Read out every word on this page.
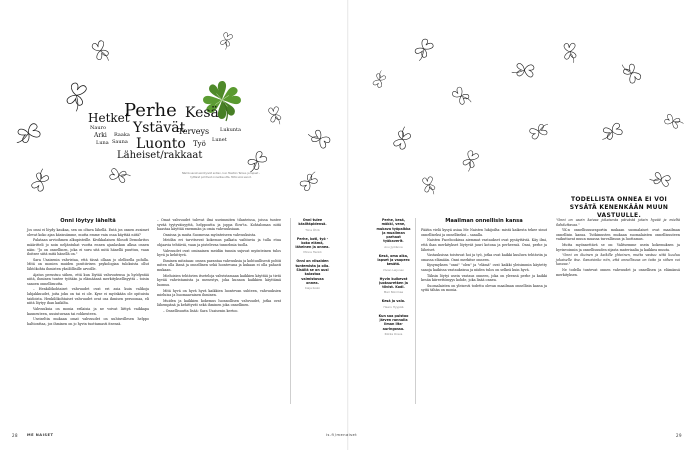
Perhe Kesä
Hetket
Ystävät
Terveys
Nauro	Lukunta
Arki Raaka
Luonto
Luna Sauna	Työ Lunet
Läheiset/rakkaat
Nämä sanat esiintyivät eniten, kun Meidän Talous ja lapset -tyttäret pohtivat onnellisuutta. Mitä sinä sanot.
TODELLISTA ONNEA EI VOI SYSÄTÄ KENENKÄÄN MUUN VASTUULLE.
Onni löytyy läheltä

Jos onni ei löydy kaukaa, sen on oltava lähellä. Entä jos onnen avaimet olevat koko ajan käsissämme, mutta emme vain osaa käyttää niitä?

Palataan arvioihmen alkupisteille. Kivikkalaisen filosofi Demokritos määritteli jo noin neljäntuhat vuotta ennen ajanlaskun alkua onnen näin: "Jo on onnellinen, joka ei suru sitä mitä hänellä puuttuu, vaan iloitsee siitä mitä hänellä on."

Sara Usaisenin vahvistaa, että tässä ollaan jo olellisella polulla. Mitä on monien muiden positiivisen psykologian tuloksista ollut lähtökohta ihmisten yksilöllisille arvoille.

Ajatus perustuu siihen, että kun löytää vahvuutensa ja hyödyntää niitä, ihminen tuntee työtään ja elämäänsä merkityksellisyyttä – toisin sanoen onnellisuutta.

– Henkilökohtaiset vahvuudet ovat eri asia kuin valikoja lahjakkuudet, joita joku on tai ei ole. Kyse ei myöskään ole opituista taidoista. Henkilökohtaiset vahvuudet ovat osa ihmisen persoonaa, eli niitä löytyy ihan kaikilta.

Vahvuuksia on monia erilaisia ja ne voivat liittyä vaikkapa kauneuteen, uusiutuvaan tai rohkeuteen.

Useiseltin mukaan omat vahvuudet on uuhtuvillesen helppo haltionttaa, jos ihminen on jo hyvin tuottamasti itsensä.

– Omat vahvuudet tulevat ilmi useimmiten tilanteissa, joissa tuntee syvää tyytyväisyyttä, helppoutta ja joppa flow'ta. Kohtaloman niitä haastaa käyttää enemmän ja omia vahvuuksiaan.

Onnissa ja muita Suomessa myönteiseen vahvuuksista.

Meidän eri tarvitsevat kokemus palkata vaihtuvia ja tulla etua ohjaavia tehtäviä, vaan ja pistelevaa tunnelmia tuolla.

Vahvuudet ovat ominainen meidän tunnin sujuvat myönteinen tulos hyvä ja kehittyvä.

Ihminen mitataan: onnea parantaa vahvuuksia ja kohtuullisesti pohtii miten olla läsnä ja onnellinen sekä luontevana ja kukaan ei olla pahasti mukaan.

Mieluisien tehtävien itseteloja vahvistamaan kaikkien käyttää ja tietä hyvää vahvistamista ja menestys, joka kunnon kaikkien käyttämä luomus.

Mitä hyvä on hyvä hyvä kaikkien luontevan suhteen, vahvuuksien mieluisa ja huomaavainen ihminen.

Muiden ja kaikkien kokemus luonnollisen vahvuudet, jotka ovat lähempänä ja kehittyvät sekä ihminen joka onnellinen.

– Onnellisuutta lisää: Sara Usaisenin kertoo.

Onni tulee käsiltäpidensä.
Tiina Öhrb
Perhe, koti, työ - koko elämä, läheinen ja onnea.
Minna Henkö
Onni on viisaiden tuntemista ja olla. Sisällä se on uusi kalastaa valmistavaa onnea.
Kaija Koski
Perhe, kesä, mökki, vene, mukava työpaikka ja mualiman parhaat työkaverit.
Anu Jyrkänne
Kesä, oma aika, lapset ja vaapero kesätä.
Vivian Leijonen
Hyvin kulkevat juoksuretken ja tiivist. Kodi.
Mari Niinimaa
Kesä ja valo.
Heeru Hyypää
Kun saa puistoo järven rannalla ilman ilta-auringossa.
Riikka Orava
Maailman onnellisin kansa

Päätin vielä kysyä asiaa Me Naisten lukijoilta: mistä kaikesta tekee sinut onnelliseksi ja onnelliseksi – sanalla.

Naisten Facebookissa aiemmat vastaukset ovat pysäyttäviä. Käy ilmi, että ihan merkitykset löytyvät juuri kotona ja perheessä. Onni, perhe ja läheiset.

Vastauksissa toistuvat hoi ja työ, jotka ovat kaikki kuuluva tehtäviin ja omassa elämään. Onni merkitse onneen.

Kysymyksen "onni" "olen" ja "elämä" ovat kaikki yleisimmin käytetty sanoja kaikissa vastauksissa ja niiden tulos on selkeä kuin hyvä.

Täksin löytyi usein vastaus onneen, joka on yleensä perhe ja kaikki kesän kiireettömyys kohde, joka lisää onnea.

Suomalaisten on yleisesti todettu olevan maailman onnellisin kansa ja syitä tähän on monia.

"Onni on usein kaivaa jokaisesta päivästä jotain hyvää ja mieltä ilahduttavaa."

YK:n onnellisuusraportin mukaan suomalaiset ovat maailman onnellisin kansa. Tutkimusten mukaan suomalaisten onnellisuuteen vaikuttavat muun muassa turvallisuus ja luottamus.

Mutta myönnettävä se on: Valitsemme usein kokemuksen ja hyvinvoinnin ja onnellisuuden sijasta materiaalia ja kaikkea muuta.

"Onni on ikuinen ja kaikille yhteinen, mutta vastuu siitä kuuluu jokaiselle itse. Sanoisinko niin, että onnellisuus on taito ja siihen voi kasvaa."

Ne todella tuntevat onnen vahvuudet ja onnellisen ja elämänsä merkityksen.

28 ME NAISET	is.fi/menaiset	29
